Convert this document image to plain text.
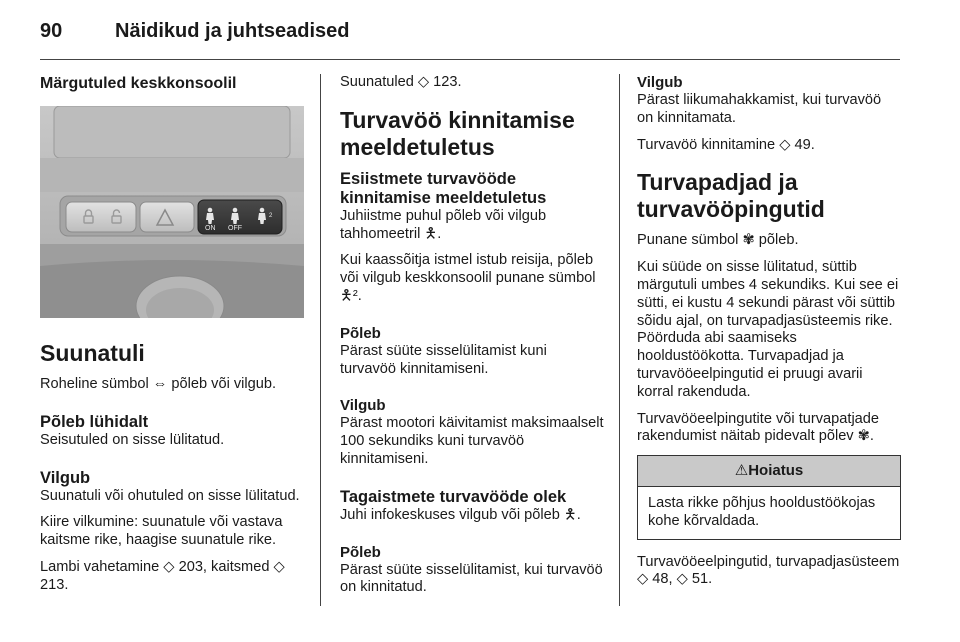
90	Näidikud ja juhtseadised
Märgutuled keskkonsoolil
ON OFF
2
Suunatuli

Roheline sümbol ⇔ põleb või vilgub.

Põleb lühidalt

Seisutuled on sisse lülitatud.

Vilgub

Suunatuli või ohutuled on sisse lülitatud.

Kiire vilkumine: suunatule või vastava kaitsme rike, haagise suunatule rike.

Lambi vahetamine ◇ 203, kaitsmed ◇ 213.

Suunatuled ◇ 123.

Turvavöö kinnitamise meeldetuletus
Esiistmete turvavööde kinnitamise meeldetuletus

Juhiistme puhul põleb või vilgub tahhomeetril 🯅.

Kui kaassõitja istmel istub reisija, põleb või vilgub keskkonsoolil punane sümbol 🯅².

Põleb

Pärast süüte sisselülitamist kuni turvavöö kinnitamiseni.

Vilgub

Pärast mootori käivitamist maksimaalselt 100 sekundiks kuni turvavöö kinnitamiseni.

Tagaistmete turvavööde olek

Juhi infokeskuses vilgub või põleb 🯅.

Põleb

Pärast süüte sisselülitamist, kui turvavöö on kinnitatud.

Vilgub

Pärast liikumahakkamist, kui turvavöö on kinnitamata.

Turvavöö kinnitamine ◇ 49.

Turvapadjad ja turvavööpingutid

Punane sümbol ✾ põleb.

Kui süüde on sisse lülitatud, süttib märgutuli umbes 4 sekundiks. Kui see ei sütti, ei kustu 4 sekundi pärast või süttib sõidu ajal, on turvapadjasüsteemis rike. Pöörduda abi saamiseks hooldustöökotta. Turvapadjad ja turvavööeelpingutid ei pruugi avarii korral rakenduda.

Turvavööeelpingutite või turvapatjade rakendumist näitab pidevalt põlev ✾.

⚠Hoiatus

Lasta rikke põhjus hooldustöökojas kohe kõrvaldada.

Turvavööeelpingutid, turvapadjasüsteem ◇ 48, ◇ 51.
